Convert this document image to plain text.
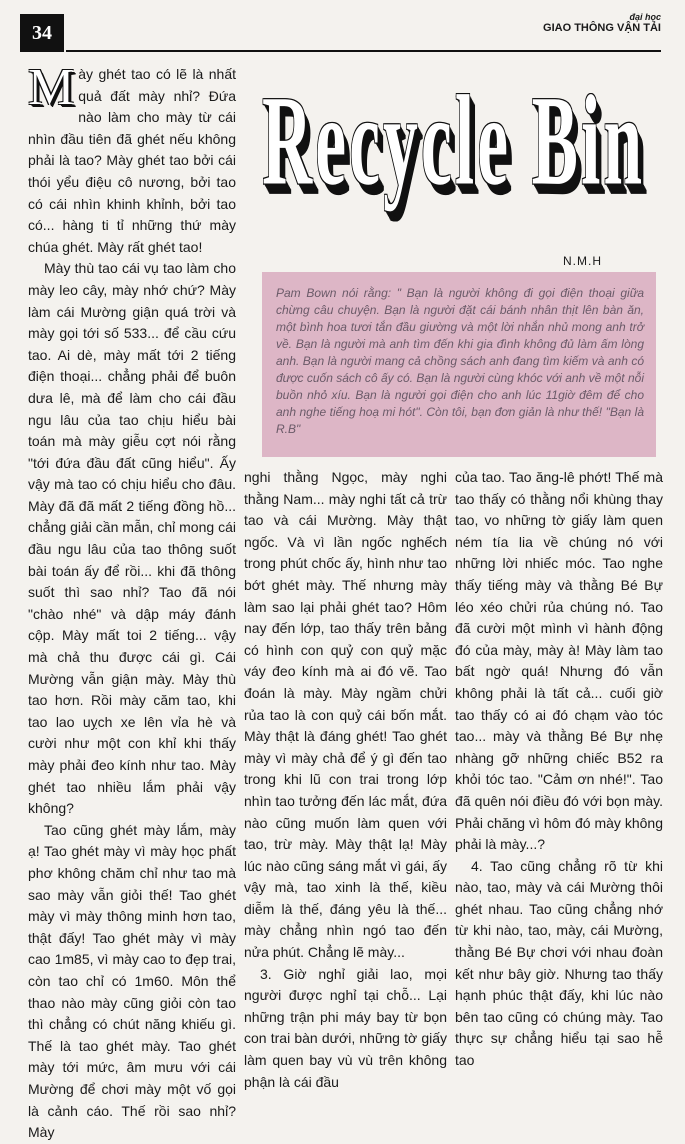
34
đại học
GIAO THÔNG VẬN TẢI
Recycle Bin
N.M.H
Pam Bown nói rằng: " Bạn là người không đi gọi điện thoại giữa chừng câu chuyện. Bạn là người đặt cái bánh nhân thịt lên bàn ăn, một bình hoa tươi tắn đầu giường và một lời nhắn nhủ mong anh trở về. Bạn là người mà anh tìm đến khi gia đình không đủ làm ấm lòng anh. Bạn là người mang cả chồng sách anh đang tìm kiếm và anh có được cuốn sách cô ấy có. Bạn là người cùng khóc với anh về một nỗi buồn nhỏ xíu. Bạn là người gọi điện cho anh lúc 11giờ đêm để cho anh nghe tiếng hoạ mi hót". Còn tôi, bạn đơn giản là như thế! "Bạn là R.B"

Mày ghét tao có lẽ là nhất quả đất mày nhỉ? Đứa nào làm cho mày từ cái nhìn đầu tiên đã ghét nếu không phải là tao? Mày ghét tao bởi cái thói yểu điệu cô nương, bởi tao có cái nhìn khinh khỉnh, bởi tao có... hàng ti tỉ những thứ mày chúa ghét. Mày rất ghét tao!

Mày thù tao cái vụ tao làm cho mày leo cây, mày nhớ chứ? Mày làm cái Mường giận quá trời và mày gọi tới số 533... để cầu cứu tao. Ai dè, mày mất tới 2 tiếng điện thoại... chẳng phải để buôn dưa lê, mà để làm cho cái đầu ngu lâu của tao chịu hiểu bài toán mà mày giễu cợt nói rằng "tới đứa đầu đất cũng hiểu". Ấy vậy mà tao có chịu hiểu cho đâu. Mày đã đã mất 2 tiếng đồng hồ... chẳng giải cần mẫn, chỉ mong cái đầu ngu lâu của tao thông suốt bài toán ấy để rồi... khi đã thông suốt thì sao nhỉ? Tao đã nói "chào nhé" và dập máy đánh cộp. Mày mất toi 2 tiếng... vậy mà chả thu được cái gì. Cái Mường vẫn giận mày. Mày thù tao hơn. Rồi mày căm tao, khi tao lao uỵch xe lên vỉa hè và cười như một con khỉ khi thấy mày phải đeo kính như tao. Mày ghét tao nhiều lắm phải vậy không?

Tao cũng ghét mày lắm, mày ạ! Tao ghét mày vì mày học phất phơ không chăm chỉ như tao mà sao mày vẫn giỏi thế! Tao ghét mày vì mày thông minh hơn tao, thật đấy! Tao ghét mày vì mày cao 1m85, vì mày cao to đẹp trai, còn tao chỉ có 1m60. Môn thể thao nào mày cũng giỏi còn tao thì chẳng có chút năng khiếu gì. Thế là tao ghét mày. Tao ghét mày tới mức, âm mưu với cái Mường để chơi mày một vố gọi là cảnh cáo. Thế rồi sao nhỉ? Mày

nghi thằng Ngọc, mày nghi thằng Nam... mày nghi tất cả trừ tao và cái Mường. Mày thật ngốc. Và vì lần ngốc nghếch trong phút chốc ấy, hình như tao bớt ghét mày. Thế nhưng mày làm sao lại phải ghét tao? Hôm nay đến lớp, tao thấy trên bảng có hình con quỷ con quỷ mặc váy đeo kính mà ai đó vẽ. Tao đoán là mày. Mày ngầm chửi rủa tao là con quỷ cái bốn mắt. Mày thật là đáng ghét! Tao ghét mày vì mày chả để ý gì đến tao trong khi lũ con trai trong lớp nhìn tao tưởng đến lác mắt, đứa nào cũng muốn làm quen với tao, trừ mày. Mày thật lạ! Mày lúc nào cũng sáng mắt vì gái, ấy vậy mà, tao xinh là thế, kiều diễm là thế, đáng yêu là thế... mày chẳng nhìn ngó tao đến nửa phút. Chẳng lẽ mày...

3. Giờ nghỉ giải lao, mọi người được nghỉ tại chỗ... Lại những trận phi máy bay từ bọn con trai bàn dưới, những tờ giấy làm quen bay vù vù trên không phận là cái đầu

của tao. Tao ăng-lê phớt! Thế mà tao thấy có thằng nổi khùng thay tao, vo những tờ giấy làm quen ném tía lia về chúng nó với những lời nhiếc móc. Tao nghe thấy tiếng mày và thằng Bé Bự léo xéo chửi rủa chúng nó. Tao đã cười một mình vì hành động đó của mày, mày à! Mày làm tao bất ngờ quá! Nhưng đó vẫn không phải là tất cả... cuối giờ tao thấy có ai đó chạm vào tóc tao... mày và thằng Bé Bự nhẹ nhàng gỡ những chiếc B52 ra khỏi tóc tao. "Cảm ơn nhé!". Tao đã quên nói điều đó với bọn mày. Phải chăng vì hôm đó mày không phải là mày...?

4. Tao cũng chẳng rõ từ khi nào, tao, mày và cái Mường thôi ghét nhau. Tao cũng chẳng nhớ từ khi nào, tao, mày, cái Mường, thằng Bé Bự chơi với nhau đoàn kết như bây giờ. Nhưng tao thấy hạnh phúc thật đấy, khi lúc nào bên tao cũng có chúng mày. Tao thực sự chẳng hiểu tại sao hễ tao
